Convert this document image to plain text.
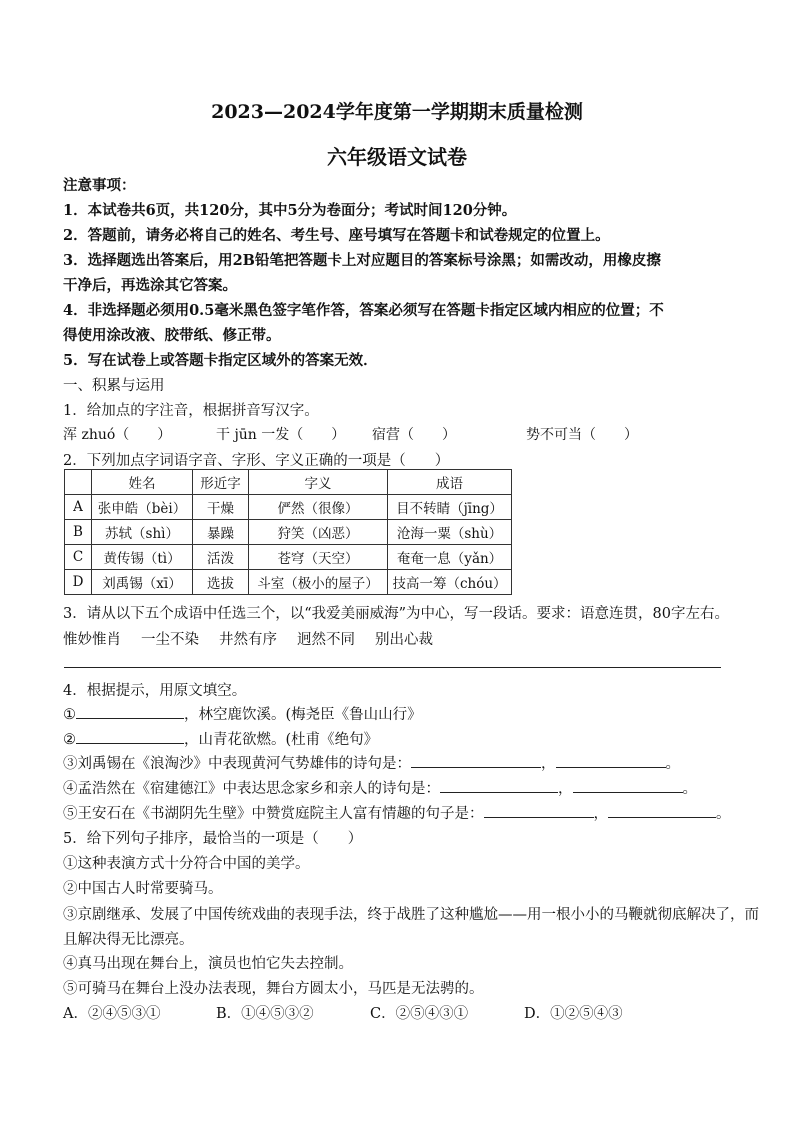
2023—2024学年度第一学期期末质量检测
六年级语文试卷
注意事项：
1．本试卷共6页，共120分，其中5分为卷面分；考试时间120分钟。
2．答题前，请务必将自己的姓名、考生号、座号填写在答题卡和试卷规定的位置上。
3．选择题选出答案后，用2B铅笔把答题卡上对应题目的答案标号涂黑；如需改动，用橡皮擦
干净后，再选涂其它答案。
4．非选择题必须用0.5毫米黑色签字笔作答，答案必须写在答题卡指定区域内相应的位置；不
得使用涂改液、胶带纸、修正带。
5．写在试卷上或答题卡指定区域外的答案无效．
一、积累与运用
1．给加点的字注音，根据拼音写汉字。
浑 zhuó（　　）	干 jūn 一发（　　） 宿营（　　）	势不可当（　　）
2．下列加点字词语字音、字形、字义正确的一项是（　　）
	姓名	形近字	字义	成语
A	张申皓（bèi）	干燥	俨然（很像）	目不转睛（jīng）
B	苏轼（shì）	暴躁	狩笑（凶恶）	沧海一粟（shù）
C	黄传锡（tì）	活泼	苍穹（天空）	奄奄一息（yǎn）
D	刘禹锡（xī）	选拔	斗室（极小的屋子）	技高一筹（chóu）
3．请从以下五个成语中任选三个，以“我爱美丽威海”为中心，写一段话。要求：语意连贯，80字左右。
惟妙惟肖 一尘不染 井然有序 迥然不同 别出心裁
4．根据提示，用原文填空。
①	，林空鹿饮溪。(梅尧臣《鲁山山行》
②	，山青花欲燃。(杜甫《绝句》
③刘禹锡在《浪淘沙》中表现黄河气势雄伟的诗句是：	，	。
④孟浩然在《宿建德江》中表达思念家乡和亲人的诗句是：	，	。
⑤王安石在《书湖阴先生壁》中赞赏庭院主人富有情趣的句子是：	，	。
5．给下列句子排序，最恰当的一项是（　　）
①这种表演方式十分符合中国的美学。
②中国古人时常要骑马。
③京剧继承、发展了中国传统戏曲的表现手法，终于战胜了这种尴尬——用一根小小的马鞭就彻底解决了，而
且解决得无比漂亮。
④真马出现在舞台上，演员也怕它失去控制。
⑤可骑马在舞台上没办法表现，舞台方圆太小，马匹是无法骋的。
A．②④⑤③①	B．①④⑤③②	C．②⑤④③①	D．①②⑤④③
